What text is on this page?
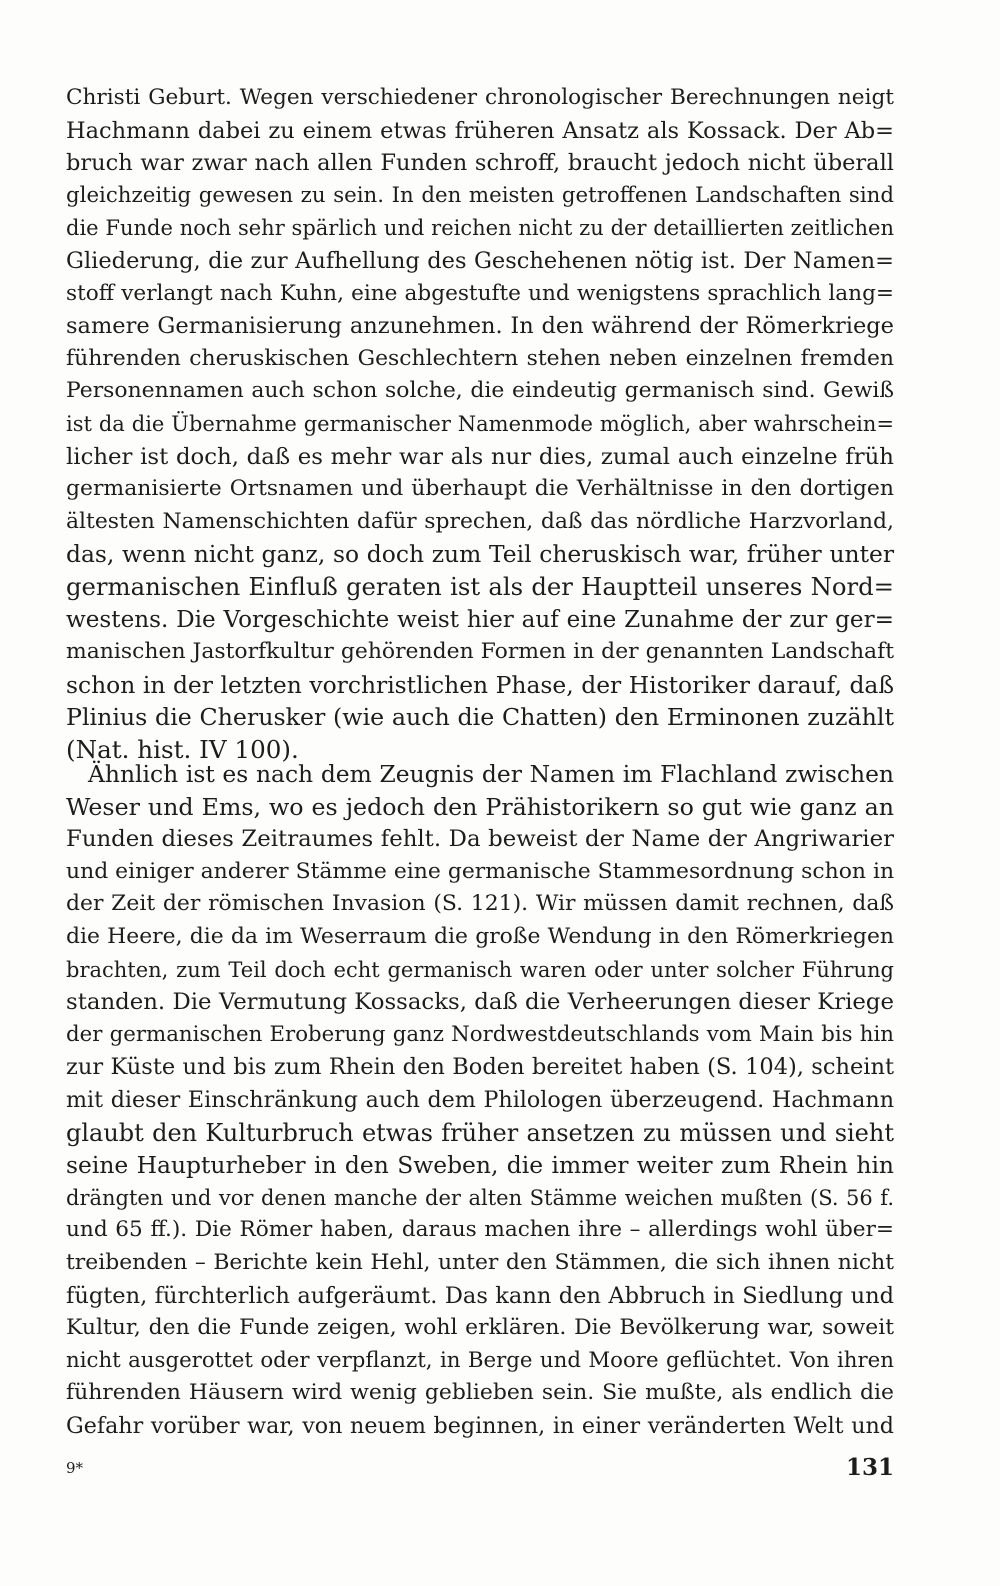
Christi Geburt. Wegen verschiedener chronologischer Berechnungen neigt
Hachmann dabei zu einem etwas früheren Ansatz als Kossack. Der Ab=
bruch war zwar nach allen Funden schroff, braucht jedoch nicht überall
gleichzeitig gewesen zu sein. In den meisten getroffenen Landschaften sind
die Funde noch sehr spärlich und reichen nicht zu der detaillierten zeitlichen
Gliederung, die zur Aufhellung des Geschehenen nötig ist. Der Namen=
stoff verlangt nach Kuhn, eine abgestufte und wenigstens sprachlich lang=
samere Germanisierung anzunehmen. In den während der Römerkriege
führenden cheruskischen Geschlechtern stehen neben einzelnen fremden
Personennamen auch schon solche, die eindeutig germanisch sind. Gewiß
ist da die Übernahme germanischer Namenmode möglich, aber wahrschein=
licher ist doch, daß es mehr war als nur dies, zumal auch einzelne früh
germanisierte Ortsnamen und überhaupt die Verhältnisse in den dortigen
ältesten Namenschichten dafür sprechen, daß das nördliche Harzvorland,
das, wenn nicht ganz, so doch zum Teil cheruskisch war, früher unter
germanischen Einfluß geraten ist als der Hauptteil unseres Nord=
westens. Die Vorgeschichte weist hier auf eine Zunahme der zur ger=
manischen Jastorfkultur gehörenden Formen in der genannten Landschaft
schon in der letzten vorchristlichen Phase, der Historiker darauf, daß
Plinius die Cherusker (wie auch die Chatten) den Erminonen zuzählt
(Nat. hist. IV 100).
Ähnlich ist es nach dem Zeugnis der Namen im Flachland zwischen
Weser und Ems, wo es jedoch den Prähistorikern so gut wie ganz an
Funden dieses Zeitraumes fehlt. Da beweist der Name der Angriwarier
und einiger anderer Stämme eine germanische Stammesordnung schon in
der Zeit der römischen Invasion (S. 121). Wir müssen damit rechnen, daß
die Heere, die da im Weserraum die große Wendung in den Römerkriegen
brachten, zum Teil doch echt germanisch waren oder unter solcher Führung
standen. Die Vermutung Kossacks, daß die Verheerungen dieser Kriege
der germanischen Eroberung ganz Nordwestdeutschlands vom Main bis hin
zur Küste und bis zum Rhein den Boden bereitet haben (S. 104), scheint
mit dieser Einschränkung auch dem Philologen überzeugend. Hachmann
glaubt den Kulturbruch etwas früher ansetzen zu müssen und sieht
seine Haupturheber in den Sweben, die immer weiter zum Rhein hin
drängten und vor denen manche der alten Stämme weichen mußten (S. 56 f.
und 65 ff.). Die Römer haben, daraus machen ihre – allerdings wohl über=
treibenden – Berichte kein Hehl, unter den Stämmen, die sich ihnen nicht
fügten, fürchterlich aufgeräumt. Das kann den Abbruch in Siedlung und
Kultur, den die Funde zeigen, wohl erklären. Die Bevölkerung war, soweit
nicht ausgerottet oder verpflanzt, in Berge und Moore geflüchtet. Von ihren
führenden Häusern wird wenig geblieben sein. Sie mußte, als endlich die
Gefahr vorüber war, von neuem beginnen, in einer veränderten Welt und
9*	131
